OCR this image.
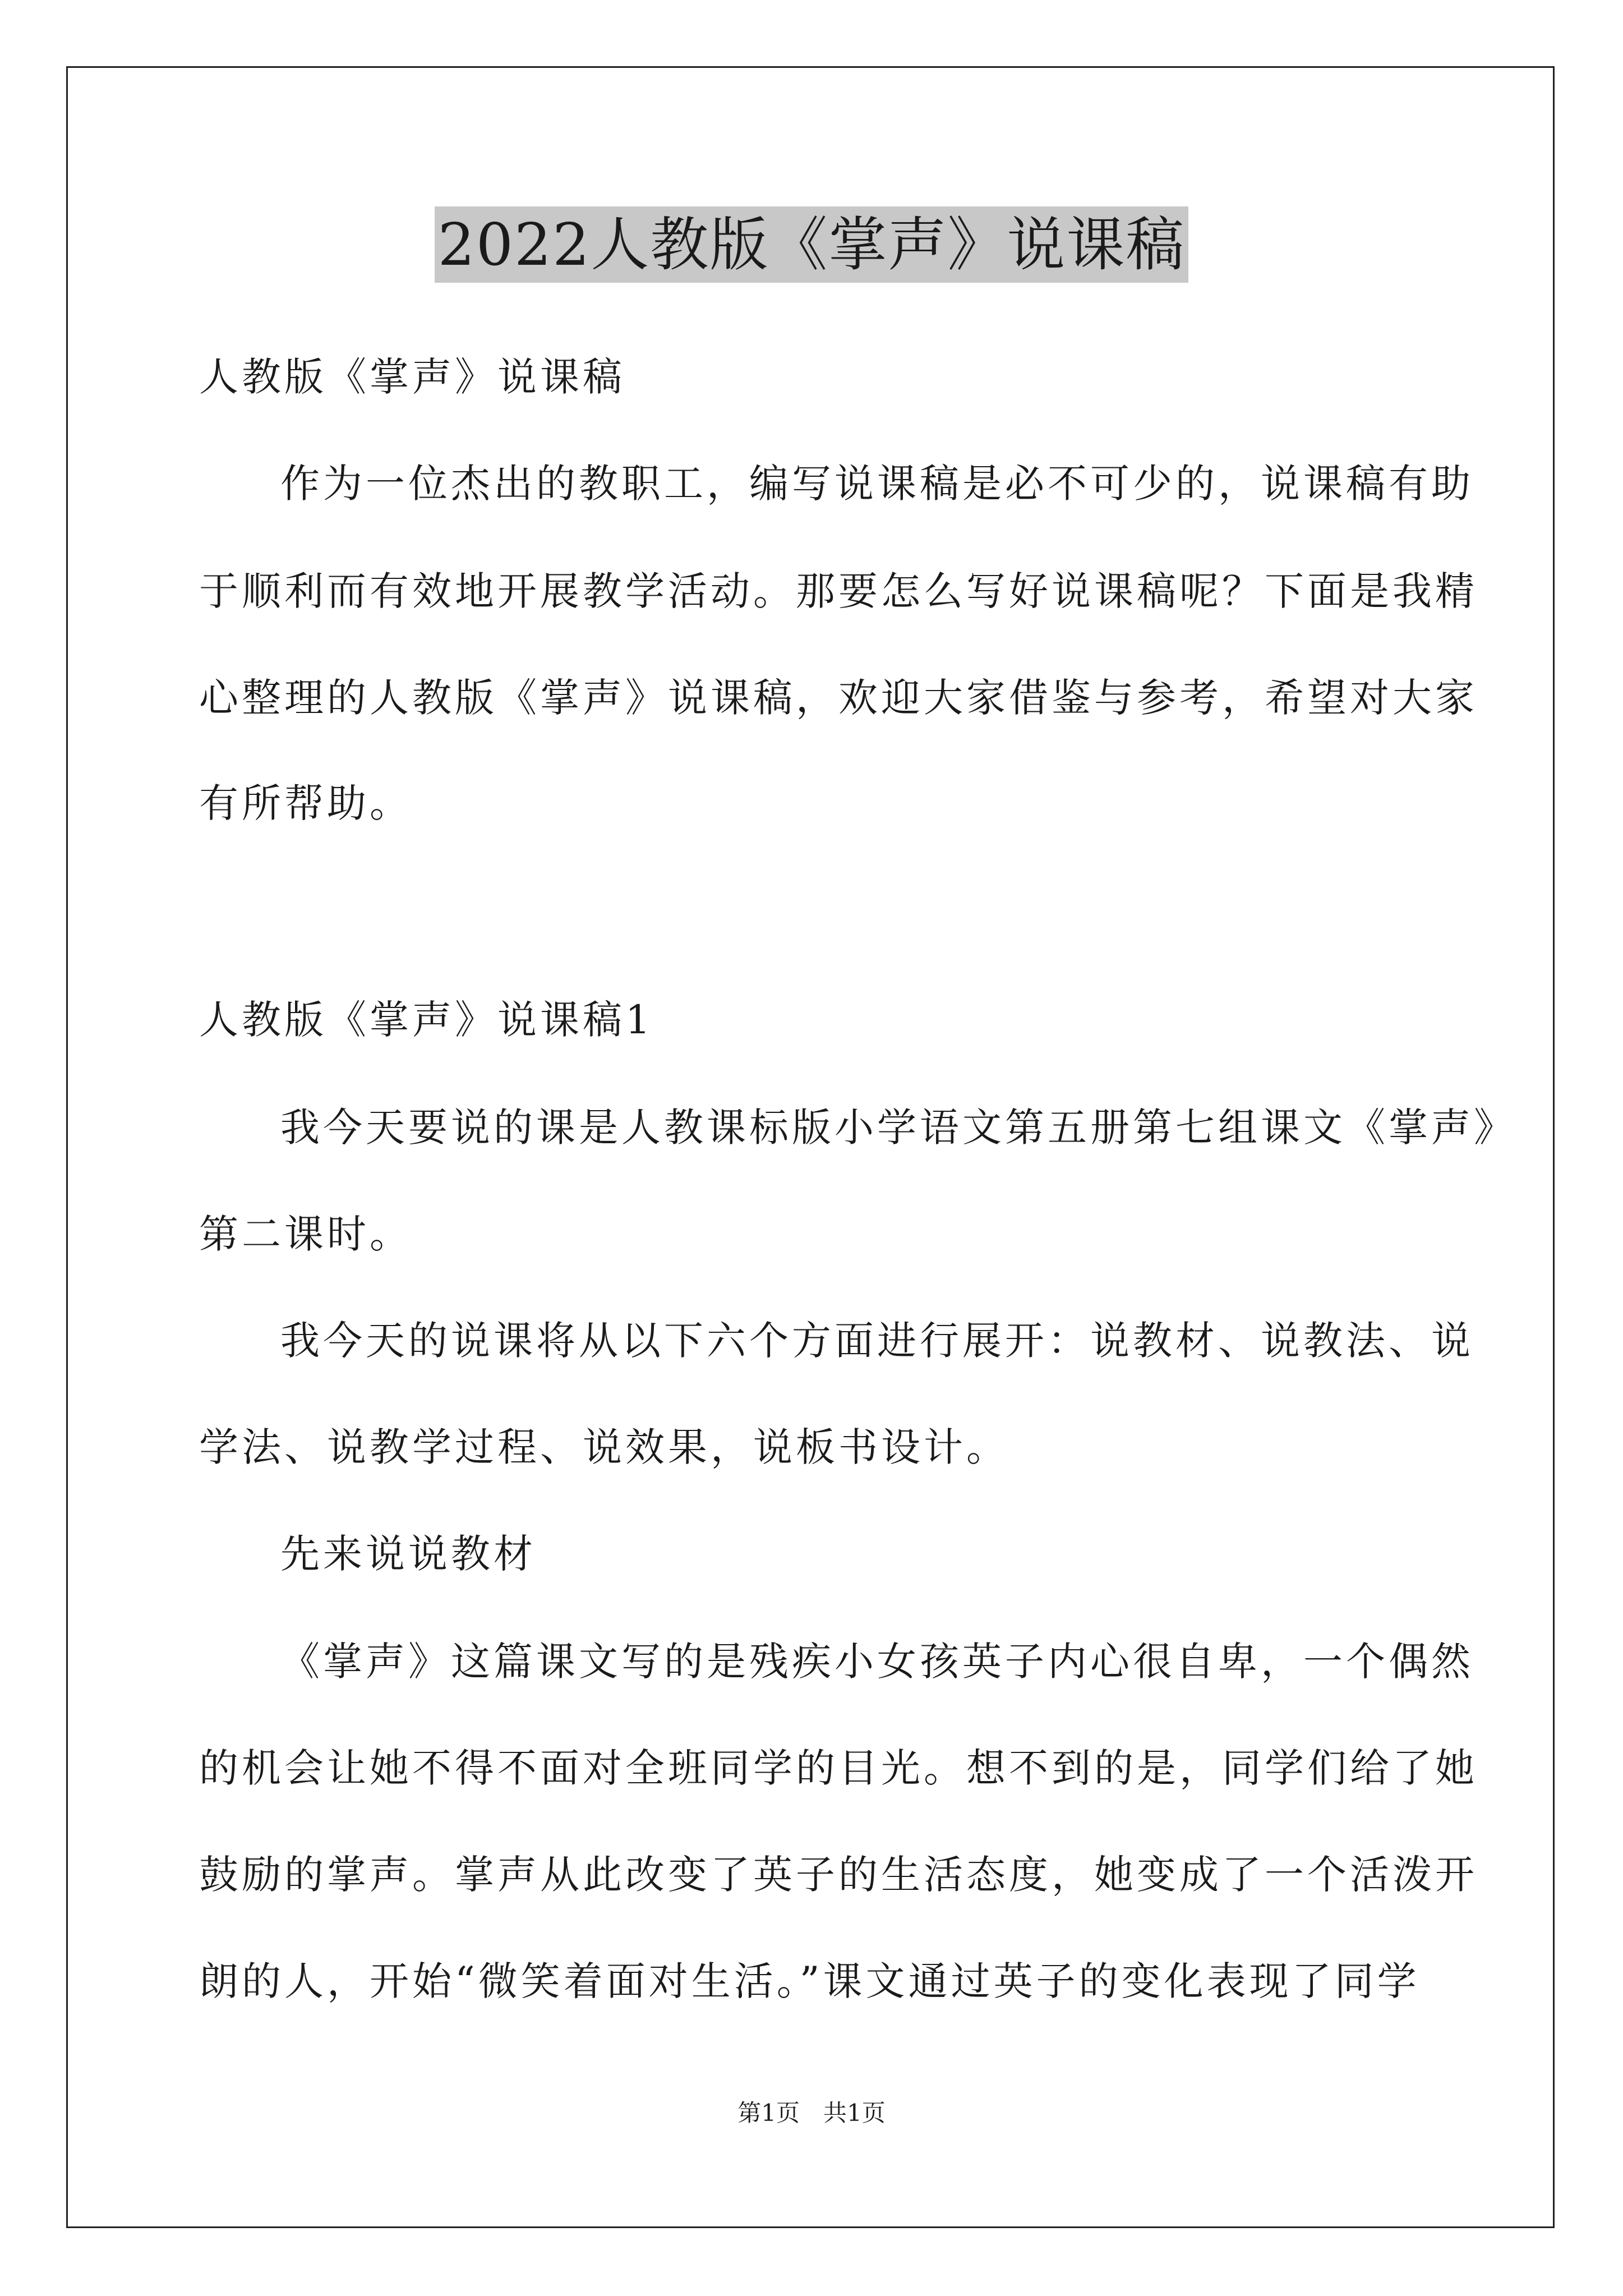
2022人教版《掌声》说课稿
人教版《掌声》说课稿
作为一位杰出的教职工，编写说课稿是必不可少的，说课稿有助
于顺利而有效地开展教学活动。那要怎么写好说课稿呢？下面是我精
心整理的人教版《掌声》说课稿，欢迎大家借鉴与参考，希望对大家
有所帮助。
人教版《掌声》说课稿1
我今天要说的课是人教课标版小学语文第五册第七组课文《掌声》
第二课时。
我今天的说课将从以下六个方面进行展开：说教材、说教法、说
学法、说教学过程、说效果，说板书设计。
先来说说教材
《掌声》这篇课文写的是残疾小女孩英子内心很自卑，一个偶然
的机会让她不得不面对全班同学的目光。想不到的是，同学们给了她
鼓励的掌声。掌声从此改变了英子的生活态度，她变成了一个活泼开
朗的人，开始“微笑着面对生活。”课文通过英子的变化表现了同学
第1页　共1页
